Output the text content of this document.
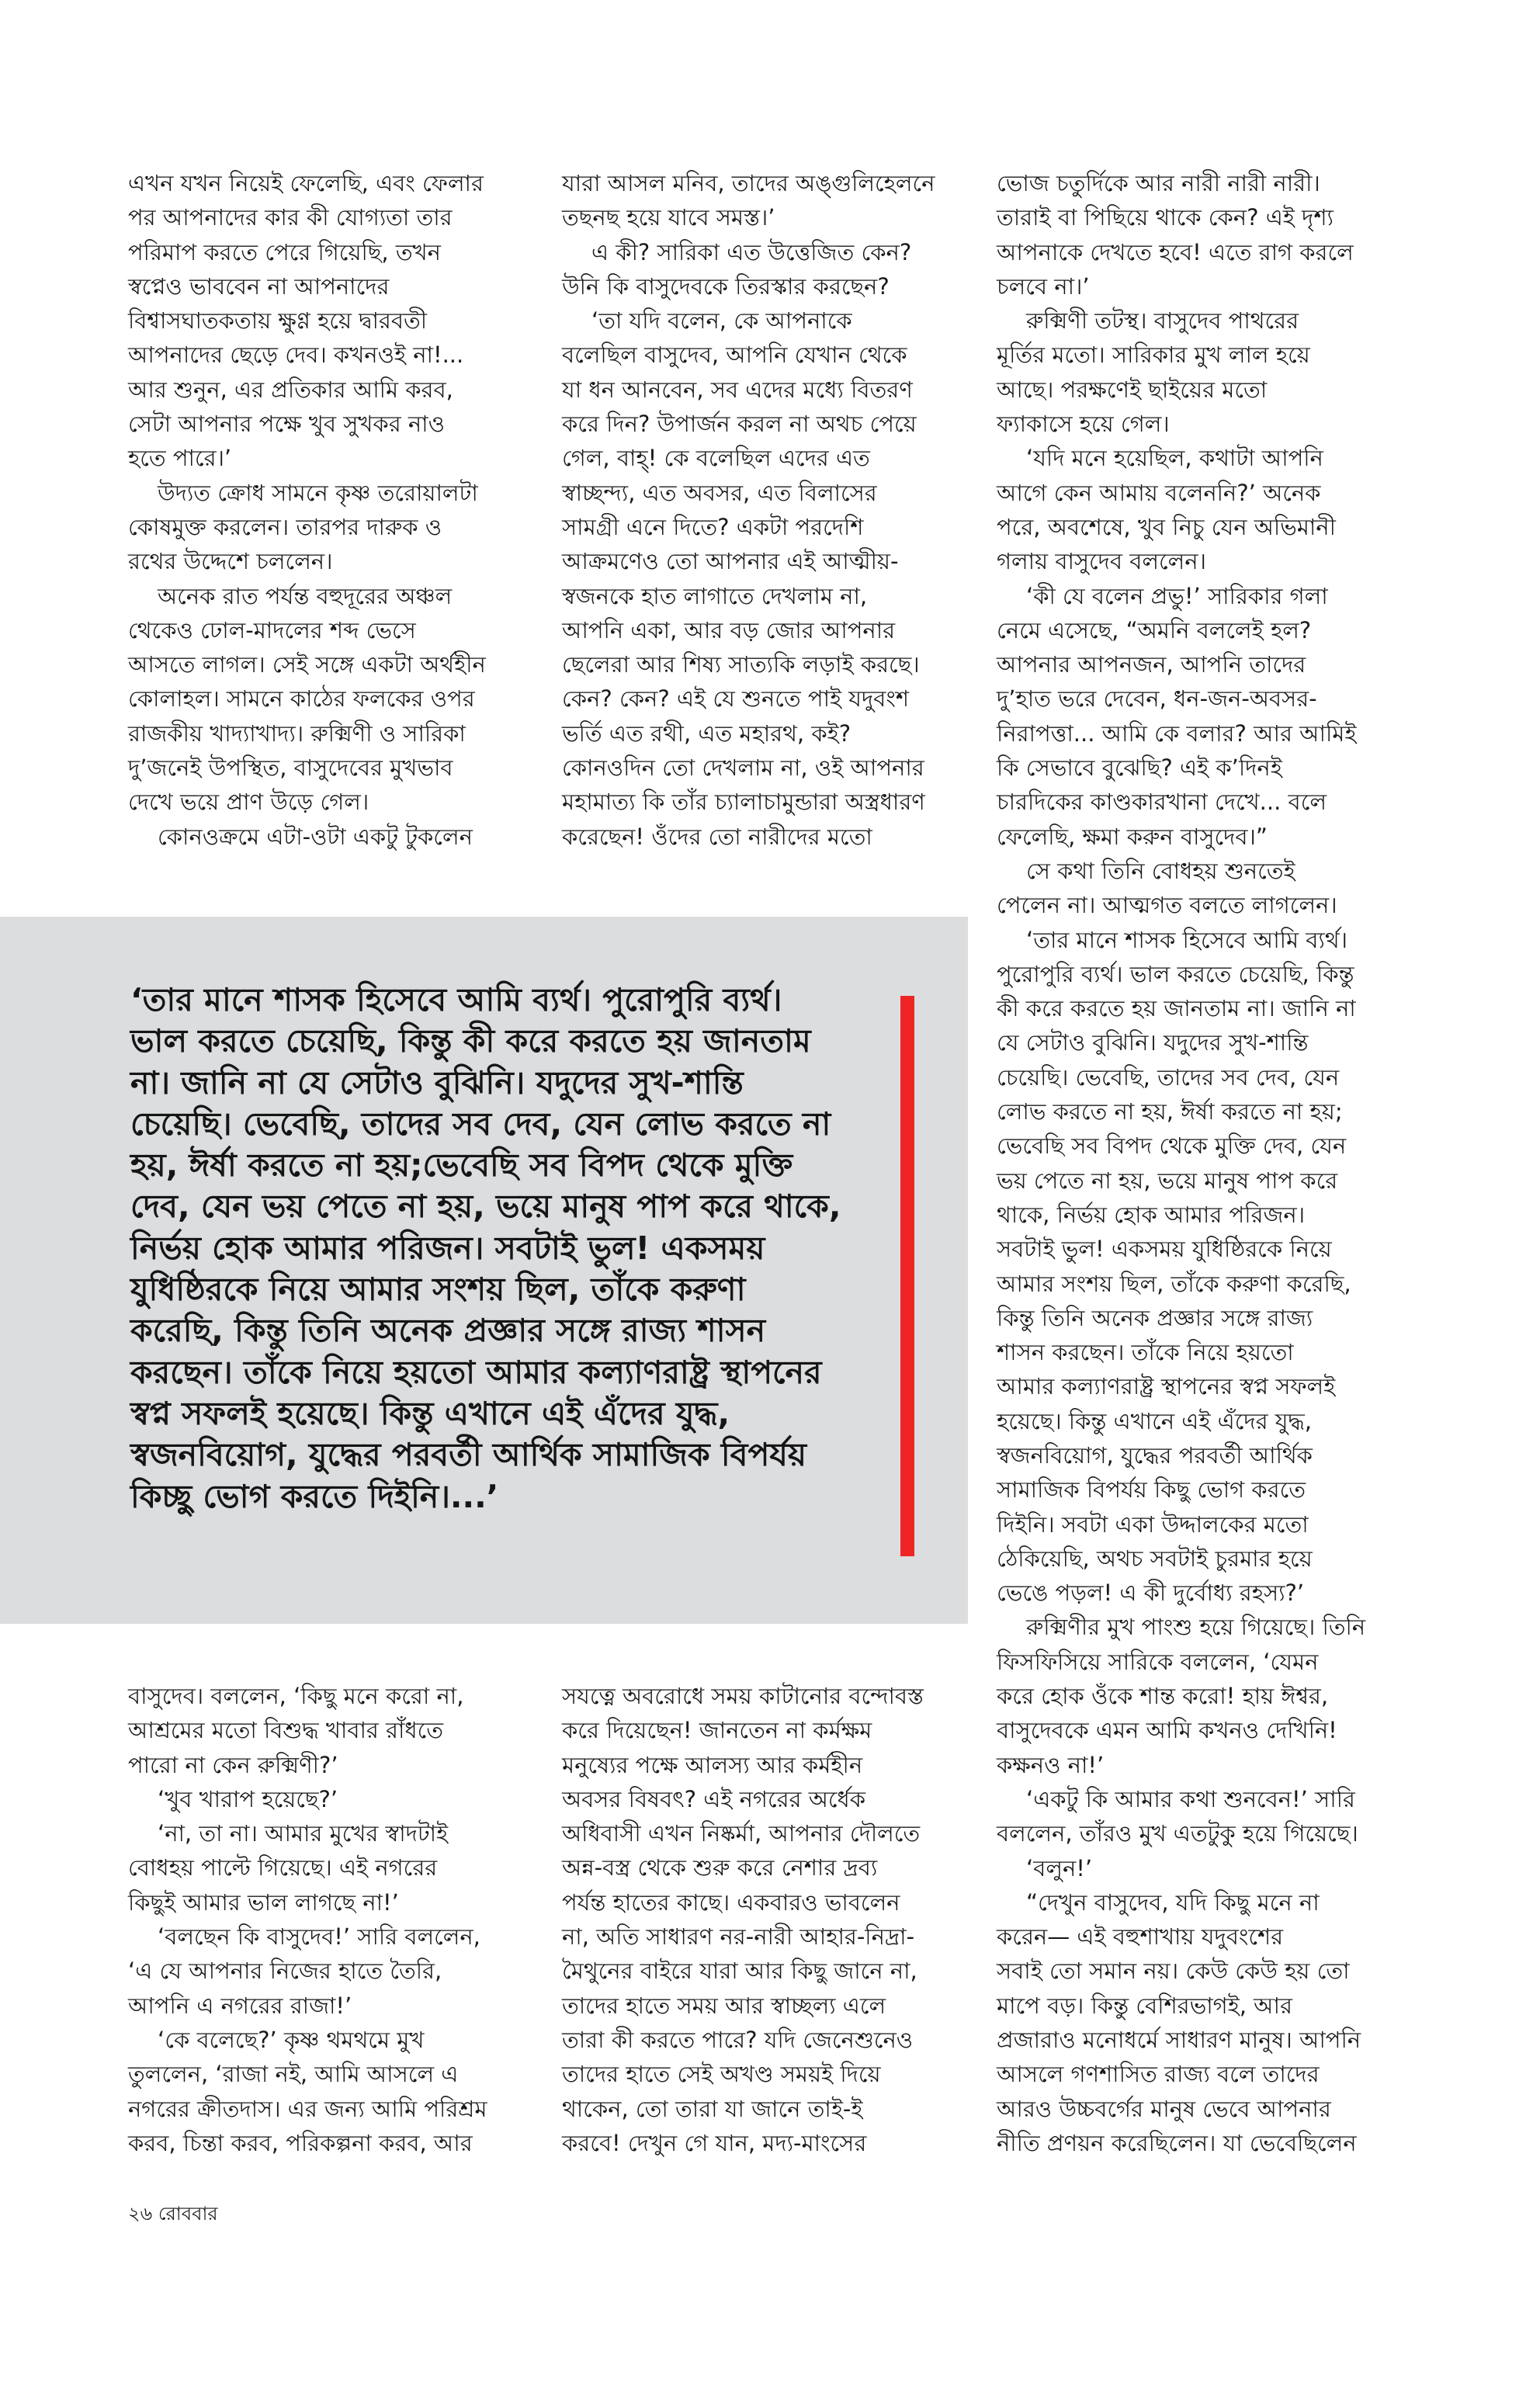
এখন যখন নিয়েই ফেলেছি, এবং ফেলার
পর আপনাদের কার কী যোগ্যতা তার
পরিমাপ করতে পেরে গিয়েছি, তখন
স্বপ্নেও ভাববেন না আপনাদের
বিশ্বাসঘাতকতায় ক্ষুণ্ণ হয়ে দ্বারবতী
আপনাদের ছেড়ে দেব। কখনওই না!...
আর শুনুন, এর প্রতিকার আমি করব,
সেটা আপনার পক্ষে খুব সুখকর নাও
হতে পারে।’
উদ্যত ক্রোধ সামনে কৃষ্ণ তরোয়ালটা
কোষমুক্ত করলেন। তারপর দারুক ও
রথের উদ্দেশে চললেন।
অনেক রাত পর্যন্ত বহুদূরের অঞ্চল
থেকেও ঢোল-মাদলের শব্দ ভেসে
আসতে লাগল। সেই সঙ্গে একটা অর্থহীন
কোলাহল। সামনে কাঠের ফলকের ওপর
রাজকীয় খাদ্যাখাদ্য। রুক্মিণী ও সারিকা
দু’জনেই উপস্থিত, বাসুদেবের মুখভাব
দেখে ভয়ে প্রাণ উড়ে গেল।
কোনওক্রমে এটা-ওটা একটু টুকলেন
যারা আসল মনিব, তাদের অঙ্গুলিহেলনে
তছনছ হয়ে যাবে সমস্ত।’
এ কী? সারিকা এত উত্তেজিত কেন?
উনি কি বাসুদেবকে তিরস্কার করছেন?
‘তা যদি বলেন, কে আপনাকে
বলেছিল বাসুদেব, আপনি যেখান থেকে
যা ধন আনবেন, সব এদের মধ্যে বিতরণ
করে দিন? উপার্জন করল না অথচ পেয়ে
গেল, বাহ্! কে বলেছিল এদের এত
স্বাচ্ছন্দ্য, এত অবসর, এত বিলাসের
সামগ্রী এনে দিতে? একটা পরদেশি
আক্রমণেও তো আপনার এই আত্মীয়-
স্বজনকে হাত লাগাতে দেখলাম না,
আপনি একা, আর বড় জোর আপনার
ছেলেরা আর শিষ্য সাত্যকি লড়াই করছে।
কেন? কেন? এই যে শুনতে পাই যদুবংশ
ভর্তি এত রথী, এত মহারথ, কই?
কোনওদিন তো দেখলাম না, ওই আপনার
মহামাত্য কি তাঁর চ্যালাচামুন্ডারা অস্ত্রধারণ
করেছেন! ওঁদের তো নারীদের মতো
ভোজ চতুর্দিকে আর নারী নারী নারী।
তারাই বা পিছিয়ে থাকে কেন? এই দৃশ্য
আপনাকে দেখতে হবে! এতে রাগ করলে
চলবে না।’
রুক্মিণী তটস্থ। বাসুদেব পাথরের
মূর্তির মতো। সারিকার মুখ লাল হয়ে
আছে। পরক্ষণেই ছাইয়ের মতো
ফ্যাকাসে হয়ে গেল।
‘যদি মনে হয়েছিল, কথাটা আপনি
আগে কেন আমায় বলেননি?’ অনেক
পরে, অবশেষে, খুব নিচু যেন অভিমানী
গলায় বাসুদেব বললেন।
‘কী যে বলেন প্রভু!’ সারিকার গলা
নেমে এসেছে, “অমনি বললেই হল?
আপনার আপনজন, আপনি তাদের
দু’হাত ভরে দেবেন, ধন-জন-অবসর-
নিরাপত্তা... আমি কে বলার? আর আমিই
কি সেভাবে বুঝেছি? এই ক’দিনই
চারদিকের কাণ্ডকারখানা দেখে... বলে
ফেলেছি, ক্ষমা করুন বাসুদেব।”
সে কথা তিনি বোধহয় শুনতেই
পেলেন না। আত্মগত বলতে লাগলেন।
‘তার মানে শাসক হিসেবে আমি ব্যর্থ।
পুরোপুরি ব্যর্থ। ভাল করতে চেয়েছি, কিন্তু
কী করে করতে হয় জানতাম না। জানি না
যে সেটাও বুঝিনি। যদুদের সুখ-শান্তি
চেয়েছি। ভেবেছি, তাদের সব দেব, যেন
লোভ করতে না হয়, ঈর্ষা করতে না হয়;
ভেবেছি সব বিপদ থেকে মুক্তি দেব, যেন
ভয় পেতে না হয়, ভয়ে মানুষ পাপ করে
থাকে, নির্ভয় হোক আমার পরিজন।
সবটাই ভুল! একসময় যুধিষ্ঠিরকে নিয়ে
আমার সংশয় ছিল, তাঁকে করুণা করেছি,
কিন্তু তিনি অনেক প্রজ্ঞার সঙ্গে রাজ্য
শাসন করছেন। তাঁকে নিয়ে হয়তো
আমার কল্যাণরাষ্ট্র স্থাপনের স্বপ্ন সফলই
হয়েছে। কিন্তু এখানে এই এঁদের যুদ্ধ,
স্বজনবিয়োগ, যুদ্ধের পরবর্তী আর্থিক
সামাজিক বিপর্যয় কিছু ভোগ করতে
দিইনি। সবটা একা উদ্দালকের মতো
ঠেকিয়েছি, অথচ সবটাই চুরমার হয়ে
ভেঙে পড়ল! এ কী দুর্বোধ্য রহস্য?’
রুক্মিণীর মুখ পাংশু হয়ে গিয়েছে। তিনি
ফিসফিসিয়ে সারিকে বললেন, ‘যেমন
করে হোক ওঁকে শান্ত করো! হায় ঈশ্বর,
বাসুদেবকে এমন আমি কখনও দেখিনি!
কক্ষনও না!’
‘একটু কি আমার কথা শুনবেন!’ সারি
বললেন, তাঁরও মুখ এতটুকু হয়ে গিয়েছে।
‘বলুন!’
“দেখুন বাসুদেব, যদি কিছু মনে না
করেন— এই বহুশাখায় যদুবংশের
সবাই তো সমান নয়। কেউ কেউ হয় তো
মাপে বড়। কিন্তু বেশিরভাগই, আর
প্রজারাও মনোধর্মে সাধারণ মানুষ। আপনি
আসলে গণশাসিত রাজ্য বলে তাদের
আরও উচ্চবর্গের মানুষ ভেবে আপনার
নীতি প্রণয়ন করেছিলেন। যা ভেবেছিলেন
‘তার মানে শাসক হিসেবে আমি ব্যর্থ। পুরোপুরি ব্যর্থ।
ভাল করতে চেয়েছি, কিন্তু কী করে করতে হয় জানতাম
না। জানি না যে সেটাও বুঝিনি। যদুদের সুখ-শান্তি
চেয়েছি। ভেবেছি, তাদের সব দেব, যেন লোভ করতে না
হয়, ঈর্ষা করতে না হয়;ভেবেছি সব বিপদ থেকে মুক্তি
দেব, যেন ভয় পেতে না হয়, ভয়ে মানুষ পাপ করে থাকে,
নির্ভয় হোক আমার পরিজন। সবটাই ভুল! একসময়
যুধিষ্ঠিরকে নিয়ে আমার সংশয় ছিল, তাঁকে করুণা
করেছি, কিন্তু তিনি অনেক প্রজ্ঞার সঙ্গে রাজ্য শাসন
করছেন। তাঁকে নিয়ে হয়তো আমার কল্যাণরাষ্ট্র স্থাপনের
স্বপ্ন সফলই হয়েছে। কিন্তু এখানে এই এঁদের যুদ্ধ,
স্বজনবিয়োগ, যুদ্ধের পরবর্তী আর্থিক সামাজিক বিপর্যয়
কিচ্ছু ভোগ করতে দিইনি।...’
বাসুদেব। বললেন, ‘কিছু মনে করো না,
আশ্রমের মতো বিশুদ্ধ খাবার রাঁধতে
পারো না কেন রুক্মিণী?’
‘খুব খারাপ হয়েছে?’
‘না, তা না। আমার মুখের স্বাদটাই
বোধহয় পাল্টে গিয়েছে। এই নগরের
কিছুই আমার ভাল লাগছে না!’
‘বলছেন কি বাসুদেব!’ সারি বললেন,
‘এ যে আপনার নিজের হাতে তৈরি,
আপনি এ নগরের রাজা!’
‘কে বলেছে?’ কৃষ্ণ থমথমে মুখ
তুললেন, ‘রাজা নই, আমি আসলে এ
নগরের ক্রীতদাস। এর জন্য আমি পরিশ্রম
করব, চিন্তা করব, পরিকল্পনা করব, আর
সযত্নে অবরোধে সময় কাটানোর বন্দোবস্ত
করে দিয়েছেন! জানতেন না কর্মক্ষম
মনুষ্যের পক্ষে আলস্য আর কর্মহীন
অবসর বিষবৎ? এই নগরের অর্ধেক
অধিবাসী এখন নিষ্কর্মা, আপনার দৌলতে
অন্ন-বস্ত্র থেকে শুরু করে নেশার দ্রব্য
পর্যন্ত হাতের কাছে। একবারও ভাবলেন
না, অতি সাধারণ নর-নারী আহার-নিদ্রা-
মৈথুনের বাইরে যারা আর কিছু জানে না,
তাদের হাতে সময় আর স্বাচ্ছল্য এলে
তারা কী করতে পারে? যদি জেনেশুনেও
তাদের হাতে সেই অখণ্ড সময়ই দিয়ে
থাকেন, তো তারা যা জানে তাই-ই
করবে! দেখুন গে যান, মদ্য-মাংসের
২৬ রোববার
